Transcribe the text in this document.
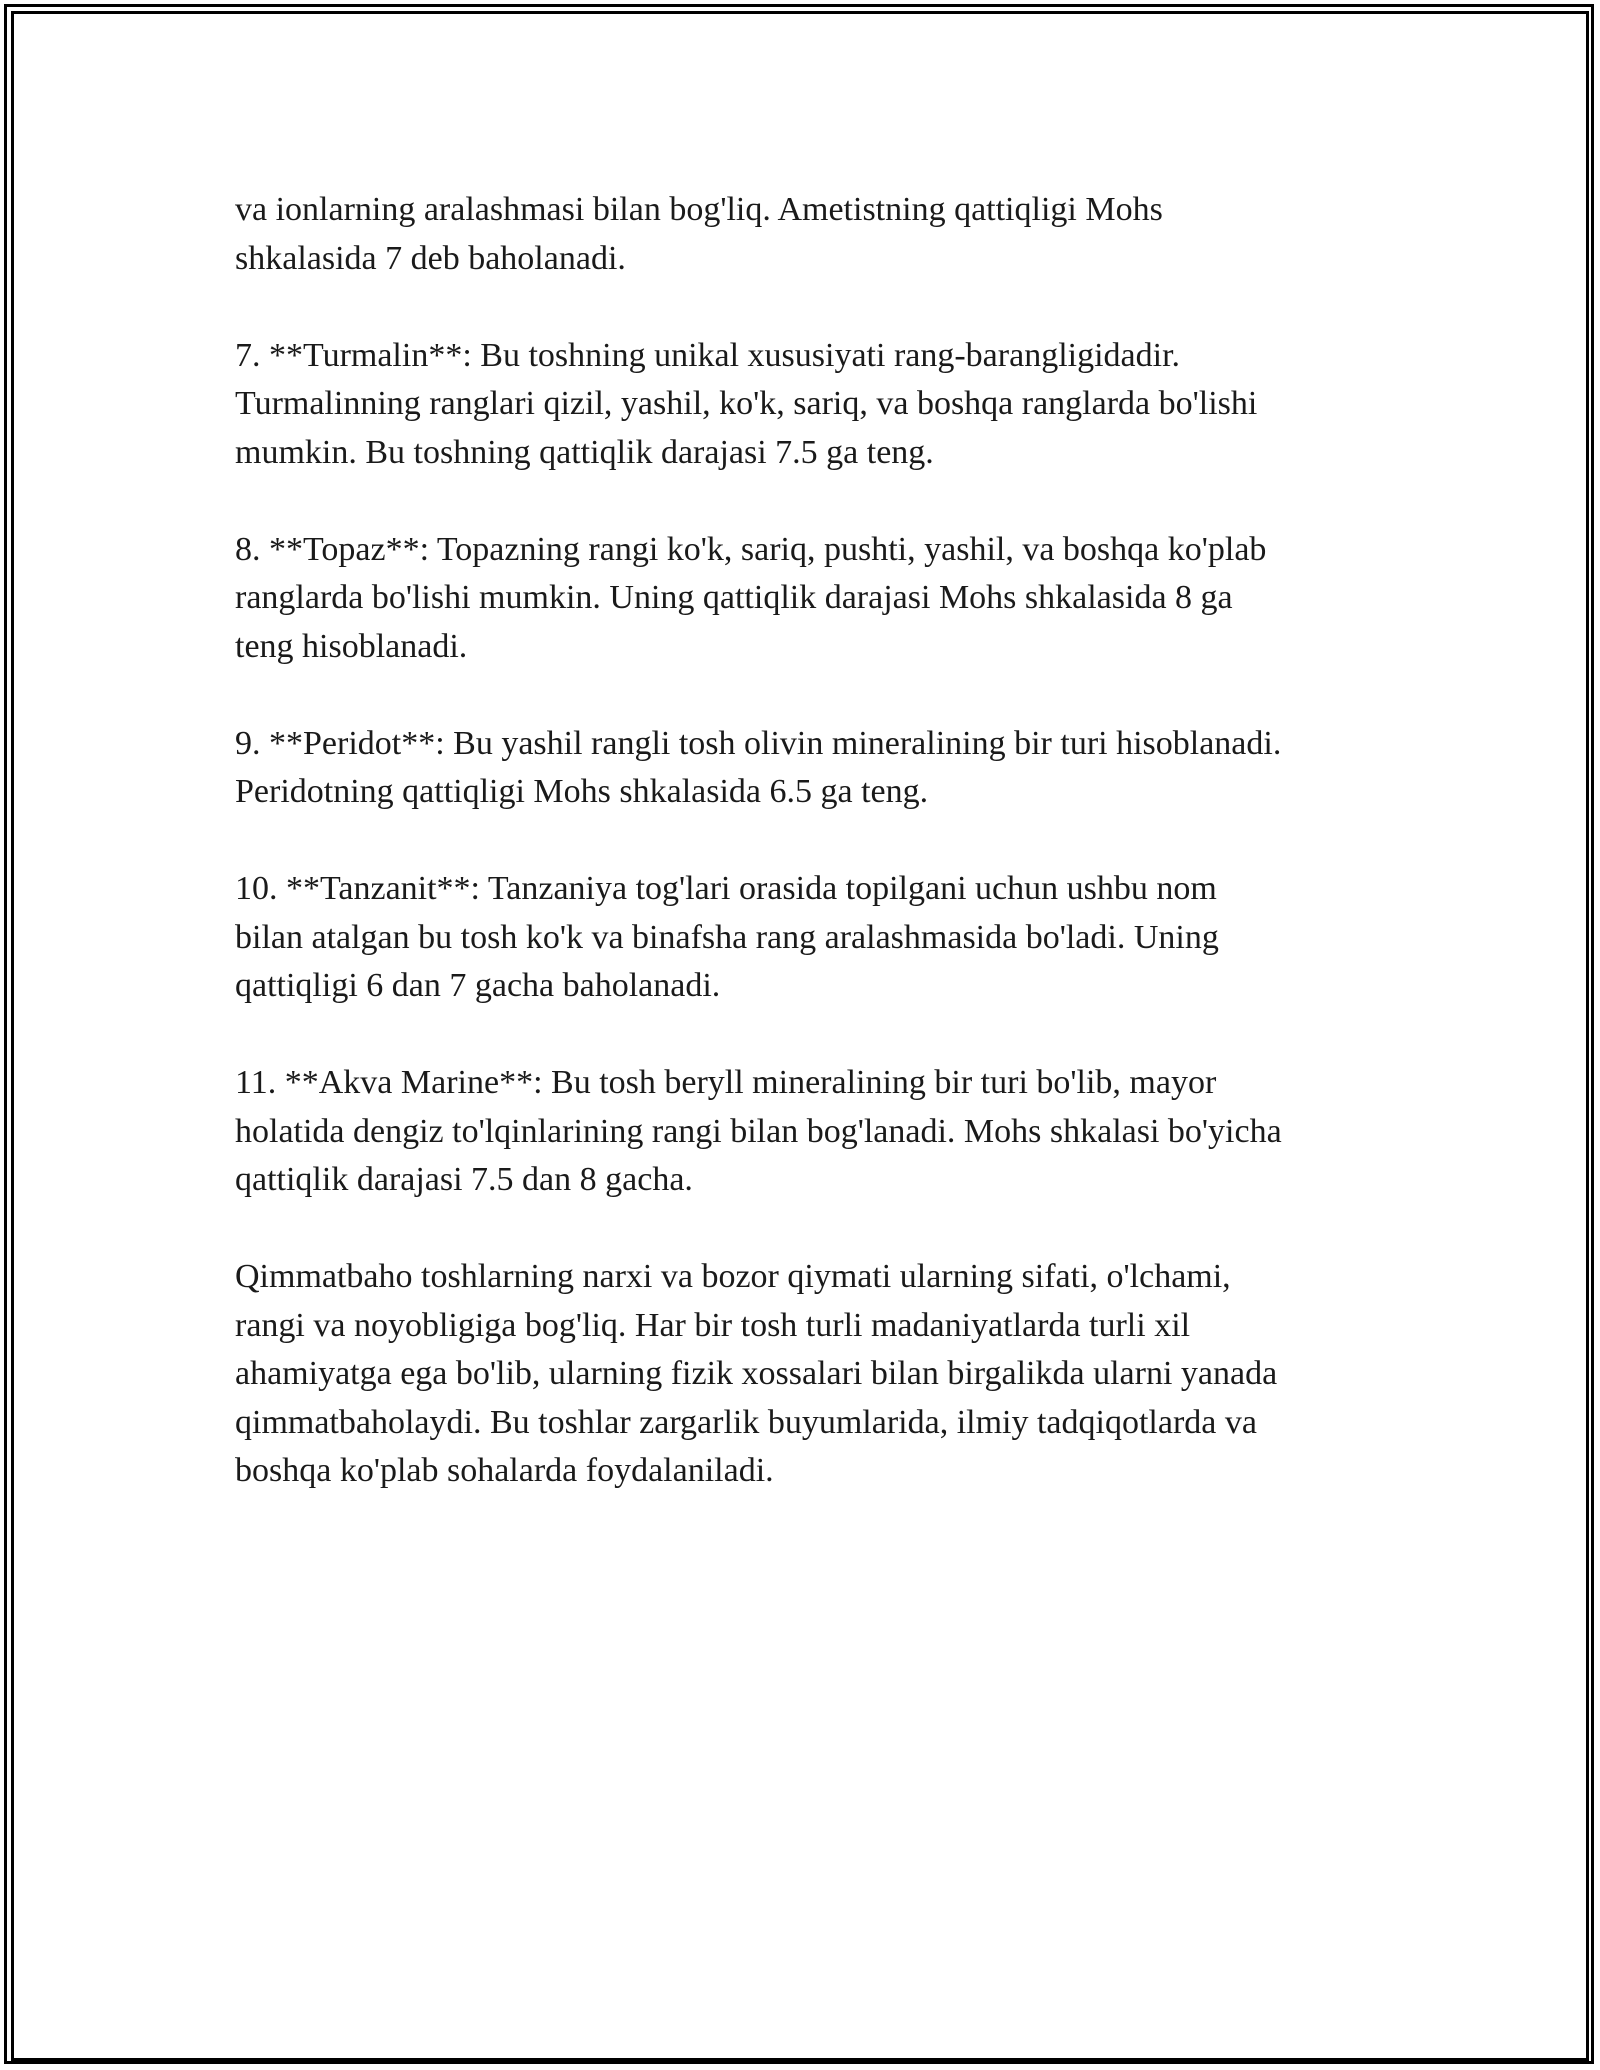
va ionlarning aralashmasi bilan bog'liq. Ametistning qattiqligi Mohs
shkalasida 7 deb baholanadi.

7. **Turmalin**: Bu toshning unikal xususiyati rang-barangligidadir.
Turmalinning ranglari qizil, yashil, ko'k, sariq, va boshqa ranglarda bo'lishi
mumkin. Bu toshning qattiqlik darajasi 7.5 ga teng.

8. **Topaz**: Topazning rangi ko'k, sariq, pushti, yashil, va boshqa ko'plab
ranglarda bo'lishi mumkin. Uning qattiqlik darajasi Mohs shkalasida 8 ga
teng hisoblanadi.

9. **Peridot**: Bu yashil rangli tosh olivin mineralining bir turi hisoblanadi.
Peridotning qattiqligi Mohs shkalasida 6.5 ga teng.

10. **Tanzanit**: Tanzaniya tog'lari orasida topilgani uchun ushbu nom
bilan atalgan bu tosh ko'k va binafsha rang aralashmasida bo'ladi. Uning
qattiqligi 6 dan 7 gacha baholanadi.

11. **Akva Marine**: Bu tosh beryll mineralining bir turi bo'lib, mayor
holatida dengiz to'lqinlarining rangi bilan bog'lanadi. Mohs shkalasi bo'yicha
qattiqlik darajasi 7.5 dan 8 gacha.

Qimmatbaho toshlarning narxi va bozor qiymati ularning sifati, o'lchami,
rangi va noyobligiga bog'liq. Har bir tosh turli madaniyatlarda turli xil
ahamiyatga ega bo'lib, ularning fizik xossalari bilan birgalikda ularni yanada
qimmatbaholaydi. Bu toshlar zargarlik buyumlarida, ilmiy tadqiqotlarda va
boshqa ko'plab sohalarda foydalaniladi.
